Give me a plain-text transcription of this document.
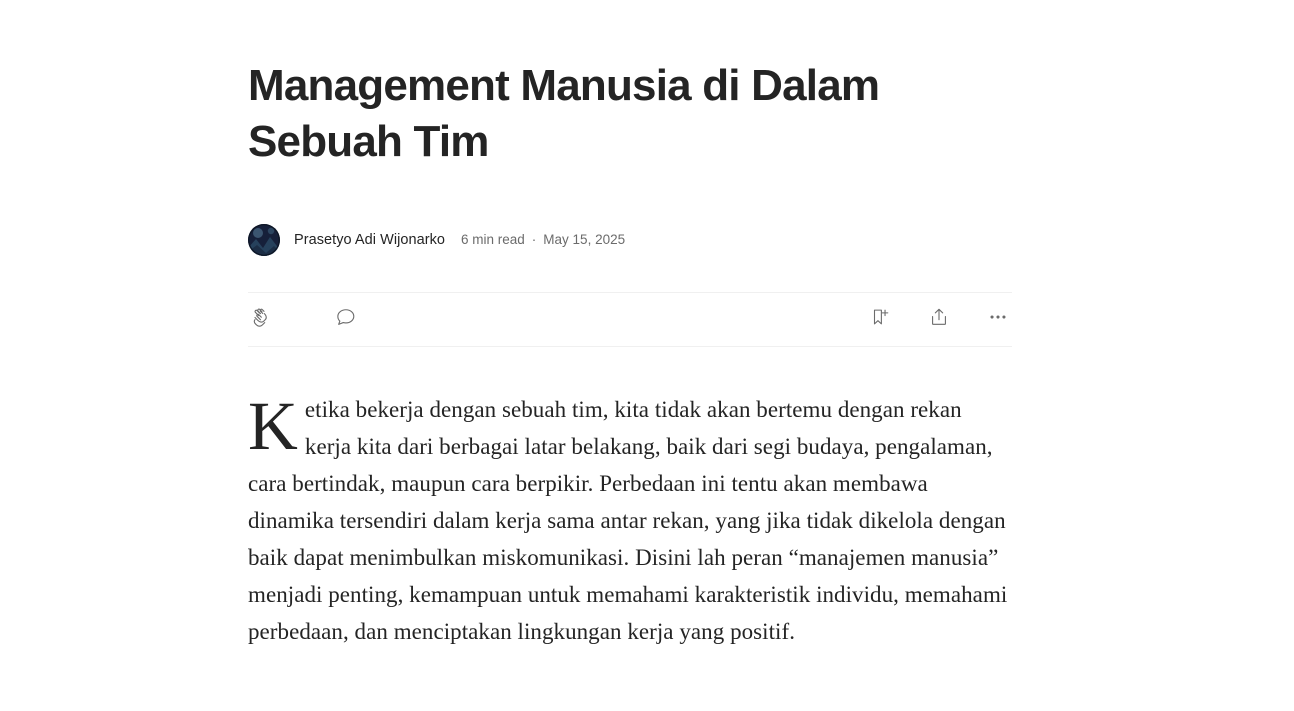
Management Manusia di Dalam Sebuah Tim
Prasetyo Adi Wijonarko 6 min read · May 15, 2025
Ketika bekerja dengan sebuah tim, kita tidak akan bertemu dengan rekan kerja kita dari berbagai latar belakang, baik dari segi budaya, pengalaman, cara bertindak, maupun cara berpikir. Perbedaan ini tentu akan membawa dinamika tersendiri dalam kerja sama antar rekan, yang jika tidak dikelola dengan baik dapat menimbulkan miskomunikasi. Disini lah peran “manajemen manusia” menjadi penting, kemampuan untuk memahami karakteristik individu, memahami perbedaan, dan menciptakan lingkungan kerja yang positif.
